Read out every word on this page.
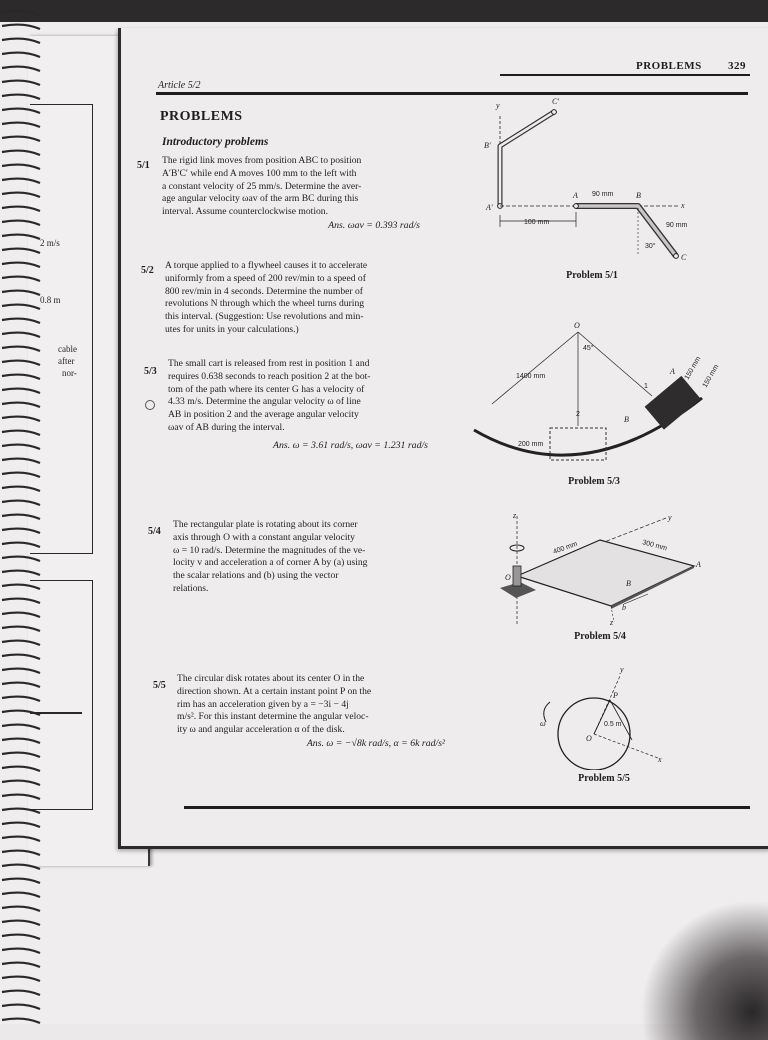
2 m/s
0.8 m
cable
after
nor-
PROBLEMS 329
Article 5/2
PROBLEMS
Introductory problems
5/1 The rigid link moves from position ABC to position
A′B′C′ while end A moves 100 mm to the left with
a constant velocity of 25 mm/s. Determine the aver-
age angular velocity ωav of the arm BC during this
interval. Assume counterclockwise motion.
Ans. ωav = 0.393 rad/s
5/2 A torque applied to a flywheel causes it to accelerate
uniformly from a speed of 200 rev/min to a speed of
800 rev/min in 4 seconds. Determine the number of
revolutions N through which the wheel turns during
this interval. (Suggestion: Use revolutions and min-
utes for units in your calculations.)
5/3
The small cart is released from rest in position 1 and
requires 0.638 seconds to reach position 2 at the bot-
tom of the path where its center G has a velocity of
4.33 m/s. Determine the angular velocity ω of line
AB in position 2 and the average angular velocity
ωav of AB during the interval.
Ans. ω = 3.61 rad/s, ωav = 1.231 rad/s
5/4
The rectangular plate is rotating about its corner
axis through O with a constant angular velocity
ω = 10 rad/s. Determine the magnitudes of the ve-
locity v and acceleration a of corner A by (a) using
the scalar relations and (b) using the vector
relations.
5/5
The circular disk rotates about its center O in the
direction shown. At a certain instant point P on the
rim has an acceleration given by a = −3i − 4j
m/s². For this instant determine the angular veloc-
ity ω and angular acceleration α of the disk.
Ans. ω = −√8k rad/s, α = 6k rad/s²
y	C′
B′
A′	x
A	B
C
90 mm
100 mm	90 mm
30°
Problem 5/1
O
45°
1400 mm
1
2
A
B
150 mm 150 mm
200 mm
Problem 5/3
z	y
O
400 mm	300 mm
A
B
z
b
Problem 5/4
y
x
P
0.5 m
O
ω
Problem 5/5
